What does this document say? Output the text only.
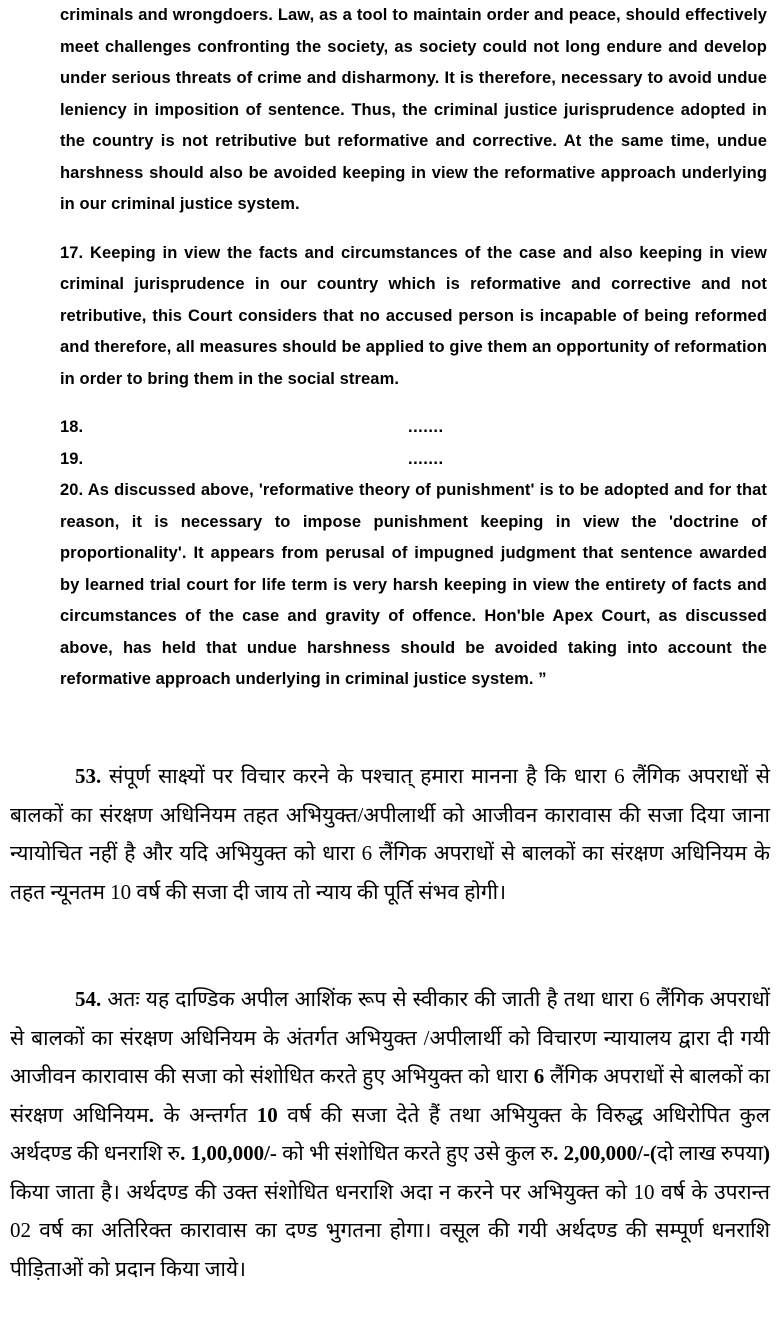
criminals and wrongdoers. Law, as a tool to maintain order and peace, should effectively meet challenges confronting the society, as society could not long endure and develop under serious threats of crime and disharmony. It is therefore, necessary to avoid undue leniency in imposition of sentence. Thus, the criminal justice jurisprudence adopted in the country is not retributive but reformative and corrective. At the same time, undue harshness should also be avoided keeping in view the reformative approach underlying in our criminal justice system.

17. Keeping in view the facts and circumstances of the case and also keeping in view criminal jurisprudence in our country which is reformative and corrective and not retributive, this Court considers that no accused person is incapable of being reformed and therefore, all measures should be applied to give them an opportunity of reformation in order to bring them in the social stream.

18.	.......
19.	.......

20. As discussed above, 'reformative theory of punishment' is to be adopted and for that reason, it is necessary to impose punishment keeping in view the 'doctrine of proportionality'. It appears from perusal of impugned judgment that sentence awarded by learned trial court for life term is very harsh keeping in view the entirety of facts and circumstances of the case and gravity of offence. Hon'ble Apex Court, as discussed above, has held that undue harshness should be avoided taking into account the reformative approach underlying in criminal justice system. ”

53. संपूर्ण साक्ष्यों पर विचार करने के पश्चात् हमारा मानना है कि धारा 6 लैंगिक अपराधों से बालकों का संरक्षण अधिनियम तहत अभियुक्त/अपीलार्थी को आजीवन कारावास की सजा दिया जाना न्यायोचित नहीं है और यदि अभियुक्त को धारा 6 लैंगिक अपराधों से बालकों का संरक्षण अधिनियम के तहत न्यूनतम 10 वर्ष की सजा दी जाय तो न्याय की पूर्ति संभव होगी।

54. अतः यह दाण्डिक अपील आशिंक रूप से स्वीकार की जाती है तथा धारा 6 लैंगिक अपराधों से बालकों का संरक्षण अधिनियम के अंतर्गत अभियुक्त /अपीलार्थी को विचारण न्यायालय द्वारा दी गयी आजीवन कारावास की सजा को संशोधित करते हुए अभियुक्त को धारा 6 लैंगिक अपराधों से बालकों का संरक्षण अधिनियम. के अन्तर्गत 10 वर्ष की सजा देते हैं तथा अभियुक्त के विरुद्ध अधिरोपित कुल अर्थदण्ड की धनराशि रु. 1,00,000/- को भी संशोधित करते हुए उसे कुल रु. 2,00,000/-(दो लाख रुपया) किया जाता है। अर्थदण्ड की उक्त संशोधित धनराशि अदा न करने पर अभियुक्त को 10 वर्ष के उपरान्त 02 वर्ष का अतिरिक्त कारावास का दण्ड भुगतना होगा। वसूल की गयी अर्थदण्ड की सम्पूर्ण धनराशि पीड़िताओं को प्रदान किया जाये।
